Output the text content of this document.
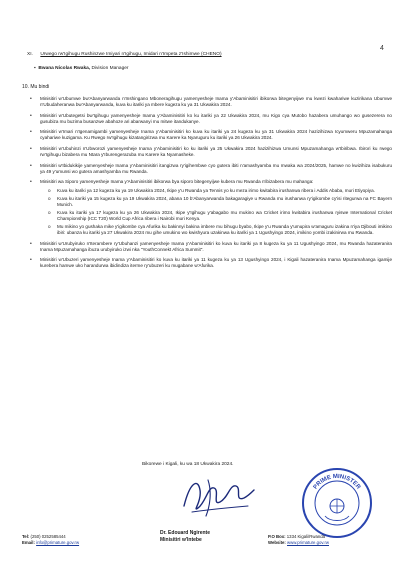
4
XI. Urwego rw'Igihugu Rushinzwe Imiyari n'Igihugu, Imidari n'Impeta z'Ishimwe (CHENO)
▪  Bwana Nicolas Rwaka, Division Manager
10. Mu bindi
• Minisitiri w'Ubumwe bw'Abanyarwanda n'Inshingano Mboneragihugu yamenyesheje Inama y'Abaminisitiri ibikorwa bitegenyijwe mu kwezi kwahariwe kuzirikana Ubumwe n'Ubudaheranwa bw'Abanyarwanda, kuva ku itariki ya mbere kugeza ku ya 31 Ukwakira 2024.
• Minisitiri w'Ubutegetsi bw'Igihugu yamenyesheje Inama y'Abaminisitiri ko ku itariki ya 22 Ukwakira 2024, mu Kigo cya Mutobo hazabera umuhango wo gusezerera no gusubiza mu buzima busanzwe abahoze ari abarwanyi mu mitwe itandukanye.
• Minisitiri w'Imari n'Igenamigambi yamenyesheje Inama y'Abaminisitiri ko kuva ku itariki ya 24 kugeza ku ya 31 Ukwakira 2024 hazizihizwa Icyumweru Mpuzamahanga cyahariwe kuzigama. Ku Rwego rw'Igihugu kizatangirizwa mu Karere ka Nyaruguru ku itariki ya 26 Ukwakira 2024.
• Minisitiri w'Ubuhinzi n'Ubworozi yamenyesheje Inama y'Abaminisitiri ko ku itariki ya 25 Ukwakira 2024 hazizihizwa Umunsi Mpuzamahanga w'Ibiribwa. Ibirori ku rwego rw'Igihugu bizabera mu Ntara y'Iburengerazuba mu Karere ka Nyamasheke.
• Minisitiri w'Ibidukikije yamenyesheje Inama y'Abaminisitiri itangizwa ry'igihembwe cyo gutera ibiti n'amashyamba mu mwaka wa 2024/2025, hamwe no kwizihiza isabukuru ya 49 y'umunsi wo gutera amashyamba mu Rwanda.
• Minisitiri wa Siporo yamenyesheje Inama y'Abaminisitiri ibikorwa bya siporo bitegenyijwe kubera mu Rwanda n'ibizabera mu mahanga:
o Kuva ku itariki ya 12 kugeza ku ya 19 Ukwakira 2024, Ikipe y'u Rwanda ya Tennis yo ku meza irimo kwitabira irushanwa ribera i Addis Ababa, muri Etiyopiya.
o Kuva ku itariki ya 15 kugeza ku ya 19 Ukwakira 2024, abana 10 b'Abanyarwanda bakagaragiye u Rwanda mu irushanwa ry'igikombe cy'isi ritegurwa na FC Bayern Munich.
o Kuva ku itariki ya 17 kugeza ku ya 26 Ukwakira 2024, Ikipe y'Igihugu y'abagabo mu mukino wa Cricket irimo kwitabira irushanwa ryiswe International Cricket Championship (ICC T20) World Cup Africa ribera i Nairobi muri Kenya.
o Mu mikino yo gushaka mike y'igikombe cya Afurika ku bakinnyi bakina imbere mu bihugu byabo, Ikipe y'u Rwanda y'umupira w'amaguru izakina n'iya Djibouti imikino ibiri: ubanza ku itariki ya 27 Ukwakira 2024 mu gihe umukino wo kwishyura uzakinwa ku itariki ya 1 Ugushyingo 2024, imikino yombi izakinirwa mu Rwanda.
• Minisitiri w'Urubyiruko n'Iterambere ry'Ubuhanzi yamenyesheje Inama y'Abaminisitiri ko kuva ku itariki ya 8 kugeza ku ya 11 Ugushyingo 2024, mu Rwanda hazateranira Inama Mpuzamahanga ibuza urubyiruko izwi nka "YouthConnekt Africa Summit".
• Minisitiri w'Ubuzeri yamenyesheje Inama y'Abaminisitiri ko kuva ku itariki ya 11 kugeza ku ya 13 Ugushyingo 2024, i Kigali hazateranira Inama Mpuzamahanga igamije kurebera hamwe uko harandurwa ibidindiza iterme ry'ubuzeri ku mugabane w'Afurika.
Bikorewe i Kigali, ku wa 18 Ukwakira 2024.
Dr. Edouard Ngirente
Minisitiri w'Intebe
PRIME MINISTER
Tel: (250) 0252585444	P.O Box: 1334 Kigali/Rwanda
Email: info@primature.gov.rw	Website: www.primature.gov.rw
